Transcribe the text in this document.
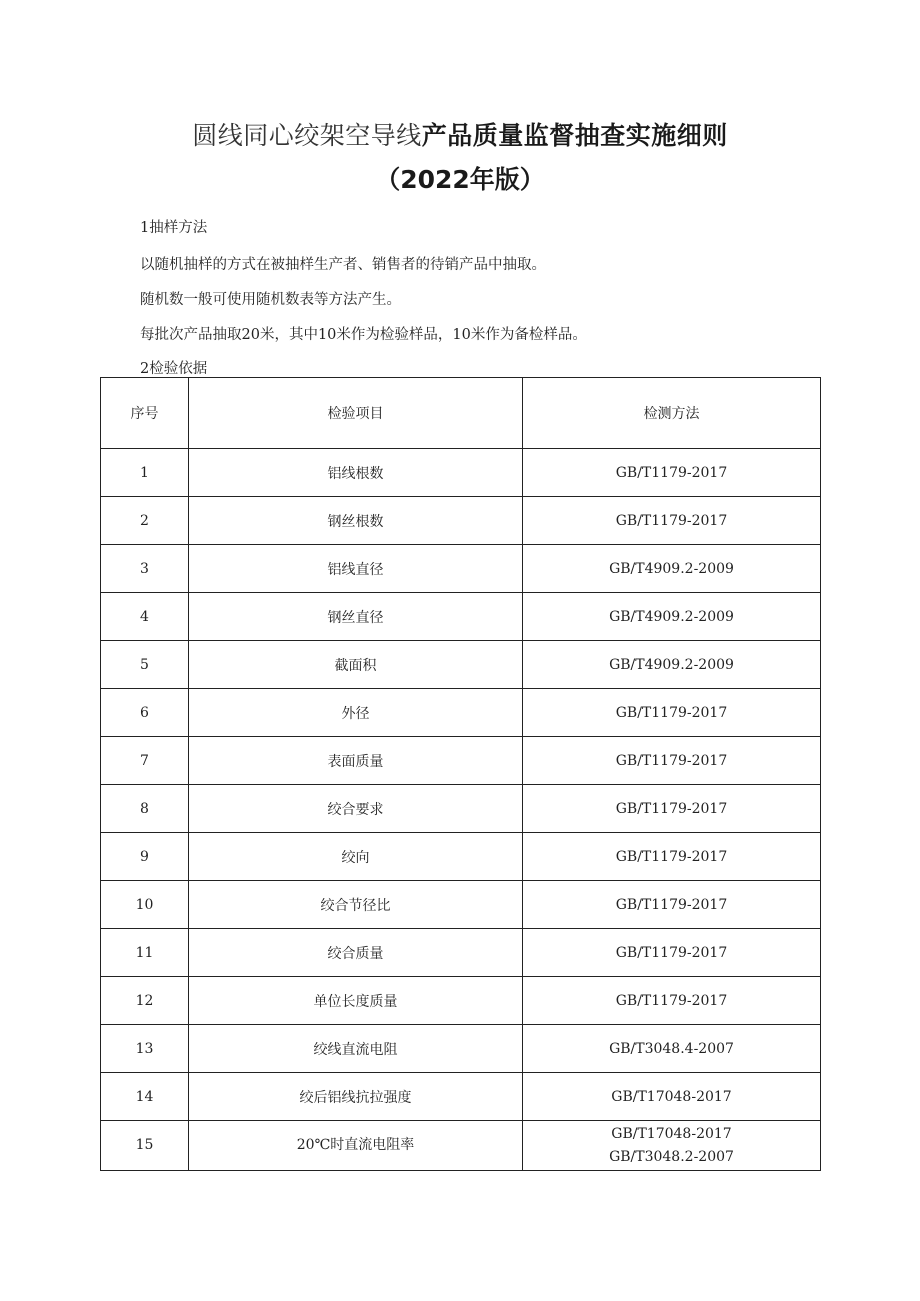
圆线同心绞架空导线产品质量监督抽查实施细则
（2022年版）
1抽样方法
以随机抽样的方式在被抽样生产者、销售者的待销产品中抽取。
随机数一般可使用随机数表等方法产生。
每批次产品抽取20米，其中10米作为检验样品，10米作为备检样品。
2检验依据
序号	检验项目	检测方法
1	铝线根数	GB/T1179-2017
2	钢丝根数	GB/T1179-2017
3	铝线直径	GB/T4909.2-2009
4	钢丝直径	GB/T4909.2-2009
5	截面积	GB/T4909.2-2009
6	外径	GB/T1179-2017
7	表面质量	GB/T1179-2017
8	绞合要求	GB/T1179-2017
9	绞向	GB/T1179-2017
10	绞合节径比	GB/T1179-2017
11	绞合质量	GB/T1179-2017
12	单位长度质量	GB/T1179-2017
13	绞线直流电阻	GB/T3048.4-2007
14	绞后铝线抗拉强度	GB/T17048-2017
15	20℃时直流电阻率	GB/T17048-2017
GB/T3048.2-2007
